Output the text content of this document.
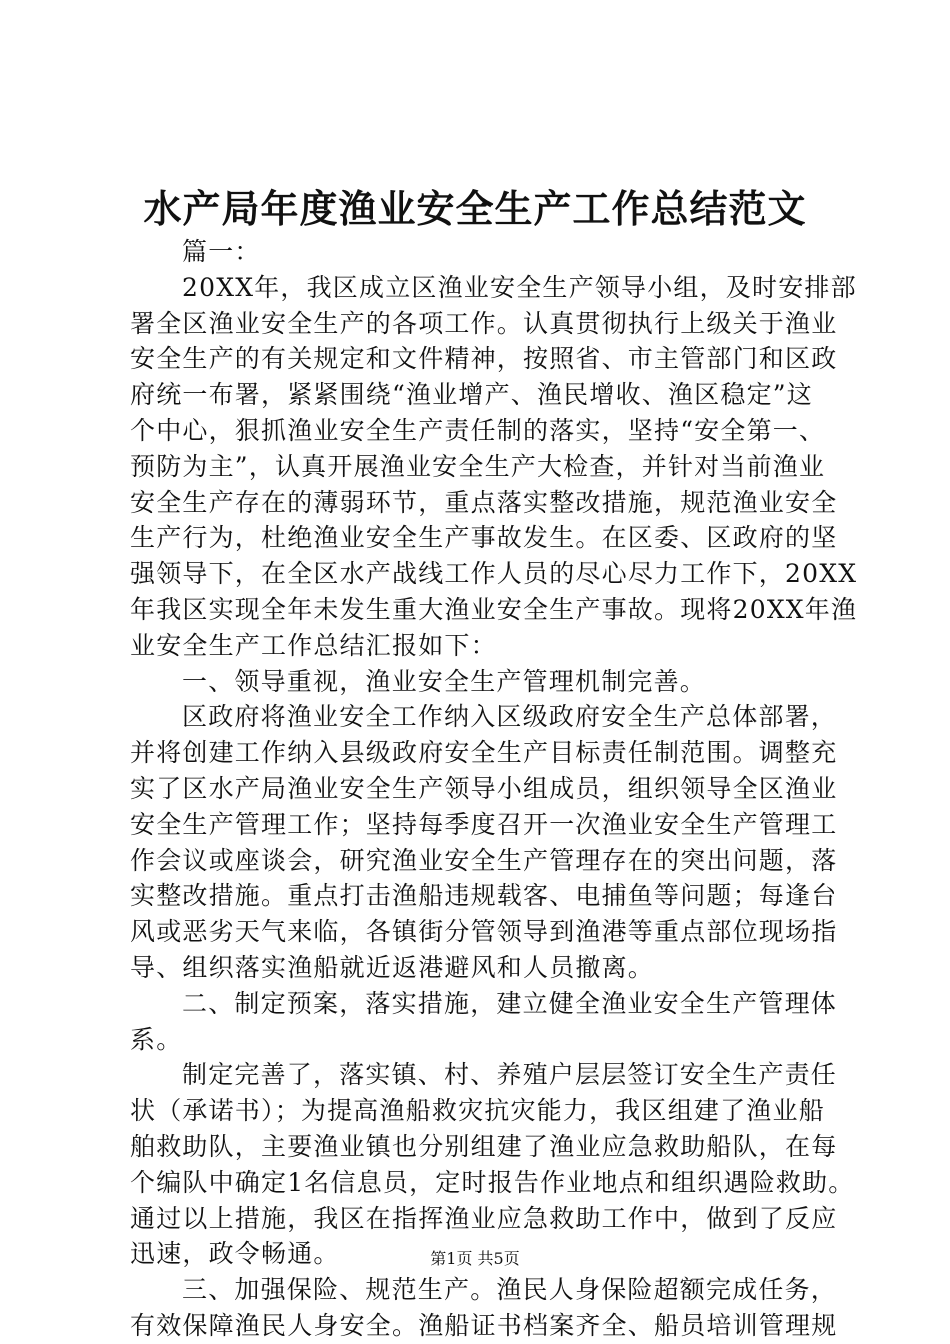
水产局年度渔业安全生产工作总结范文
篇一：
20XX年，我区成立区渔业安全生产领导小组，及时安排部
署全区渔业安全生产的各项工作。认真贯彻执行上级关于渔业
安全生产的有关规定和文件精神，按照省、市主管部门和区政
府统一布署，紧紧围绕“渔业增产、渔民增收、渔区稳定”这
个中心，狠抓渔业安全生产责任制的落实，坚持“安全第一、
预防为主”，认真开展渔业安全生产大检查，并针对当前渔业
安全生产存在的薄弱环节，重点落实整改措施，规范渔业安全
生产行为，杜绝渔业安全生产事故发生。在区委、区政府的坚
强领导下，在全区水产战线工作人员的尽心尽力工作下，20XX
年我区实现全年未发生重大渔业安全生产事故。现将20XX年渔
业安全生产工作总结汇报如下：
一、领导重视，渔业安全生产管理机制完善。
区政府将渔业安全工作纳入区级政府安全生产总体部署，
并将创建工作纳入县级政府安全生产目标责任制范围。调整充
实了区水产局渔业安全生产领导小组成员，组织领导全区渔业
安全生产管理工作；坚持每季度召开一次渔业安全生产管理工
作会议或座谈会，研究渔业安全生产管理存在的突出问题，落
实整改措施。重点打击渔船违规载客、电捕鱼等问题；每逢台
风或恶劣天气来临，各镇街分管领导到渔港等重点部位现场指
导、组织落实渔船就近返港避风和人员撤离。
二、制定预案，落实措施，建立健全渔业安全生产管理体
系。
制定完善了，落实镇、村、养殖户层层签订安全生产责任
状（承诺书）；为提高渔船救灾抗灾能力，我区组建了渔业船
舶救助队，主要渔业镇也分别组建了渔业应急救助船队，在每
个编队中确定1名信息员，定时报告作业地点和组织遇险救助。
通过以上措施，我区在指挥渔业应急救助工作中，做到了反应
迅速，政令畅通。
三、加强保险、规范生产。渔民人身保险超额完成任务，
有效保障渔民人身安全。渔船证书档案齐全、船员培训管理规
第1页 共5页
